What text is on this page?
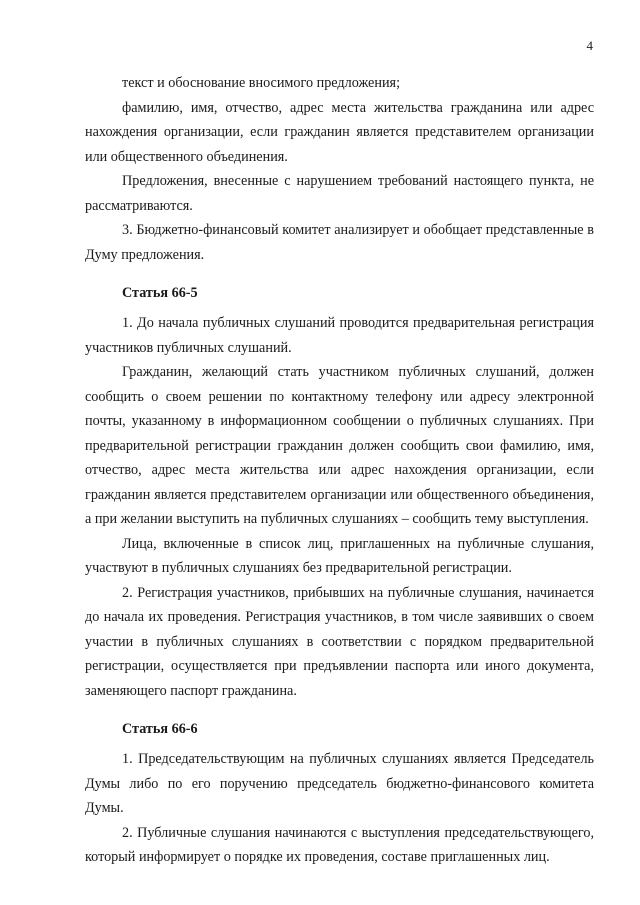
4

текст и обоснование вносимого предложения;

фамилию, имя, отчество, адрес места жительства гражданина или адрес нахождения организации, если гражданин является представителем организации или общественного объединения.

Предложения, внесенные с нарушением требований настоящего пункта, не рассматриваются.

3. Бюджетно-финансовый комитет анализирует и обобщает представленные в Думу предложения.

Статья 66-5

1. До начала публичных слушаний проводится предварительная регистрация участников публичных слушаний.

Гражданин, желающий стать участником публичных слушаний, должен сообщить о своем решении по контактному телефону или адресу электронной почты, указанному в информационном сообщении о публичных слушаниях. При предварительной регистрации гражданин должен сообщить свои фамилию, имя, отчество, адрес места жительства или адрес нахождения организации, если гражданин является представителем организации или общественного объединения, а при желании выступить на публичных слушаниях – сообщить тему выступления.

Лица, включенные в список лиц, приглашенных на публичные слушания, участвуют в публичных слушаниях без предварительной регистрации.

2. Регистрация участников, прибывших на публичные слушания, начинается до начала их проведения. Регистрация участников, в том числе заявивших о своем участии в публичных слушаниях в соответствии с порядком предварительной регистрации, осуществляется при предъявлении паспорта или иного документа, заменяющего паспорт гражданина.

Статья 66-6

1. Председательствующим на публичных слушаниях является Председатель Думы либо по его поручению председатель бюджетно-финансового комитета Думы.

2. Публичные слушания начинаются с выступления председательствующего, который информирует о порядке их проведения, составе приглашенных лиц.
